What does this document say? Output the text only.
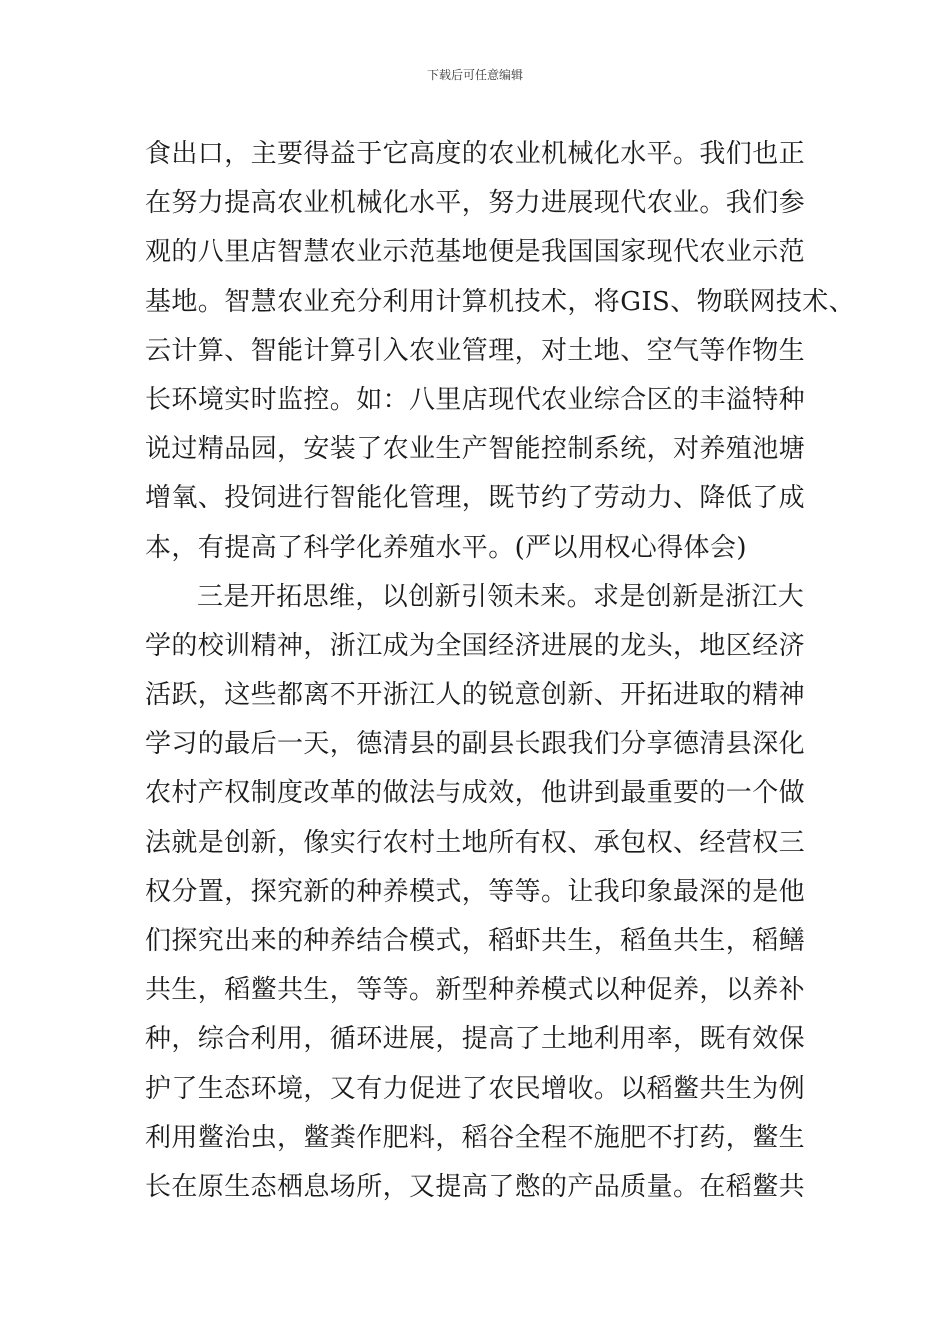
下载后可任意编辑
食出口，主要得益于它高度的农业机械化水平。我们也正
在努力提高农业机械化水平，努力进展现代农业。我们参
观的八里店智慧农业示范基地便是我国国家现代农业示范
基地。智慧农业充分利用计算机技术，将GIS、物联网技术、
云计算、智能计算引入农业管理，对土地、空气等作物生
长环境实时监控。如：八里店现代农业综合区的丰溢特种
说过精品园，安装了农业生产智能控制系统，对养殖池塘
增氧、投饲进行智能化管理，既节约了劳动力、降低了成
本，有提高了科学化养殖水平。(严以用权心得体会)
三是开拓思维，以创新引领未来。求是创新是浙江大
学的校训精神，浙江成为全国经济进展的龙头，地区经济
活跃，这些都离不开浙江人的锐意创新、开拓进取的精神
学习的最后一天，德清县的副县长跟我们分享德清县深化
农村产权制度改革的做法与成效，他讲到最重要的一个做
法就是创新，像实行农村土地所有权、承包权、经营权三
权分置，探究新的种养模式，等等。让我印象最深的是他
们探究出来的种养结合模式，稻虾共生，稻鱼共生，稻鳝
共生，稻鳖共生，等等。新型种养模式以种促养，以养补
种，综合利用，循环进展，提高了土地利用率，既有效保
护了生态环境，又有力促进了农民增收。以稻鳖共生为例
利用鳖治虫，鳖粪作肥料，稻谷全程不施肥不打药，鳖生
长在原生态栖息场所，又提高了憋的产品质量。在稻鳖共
